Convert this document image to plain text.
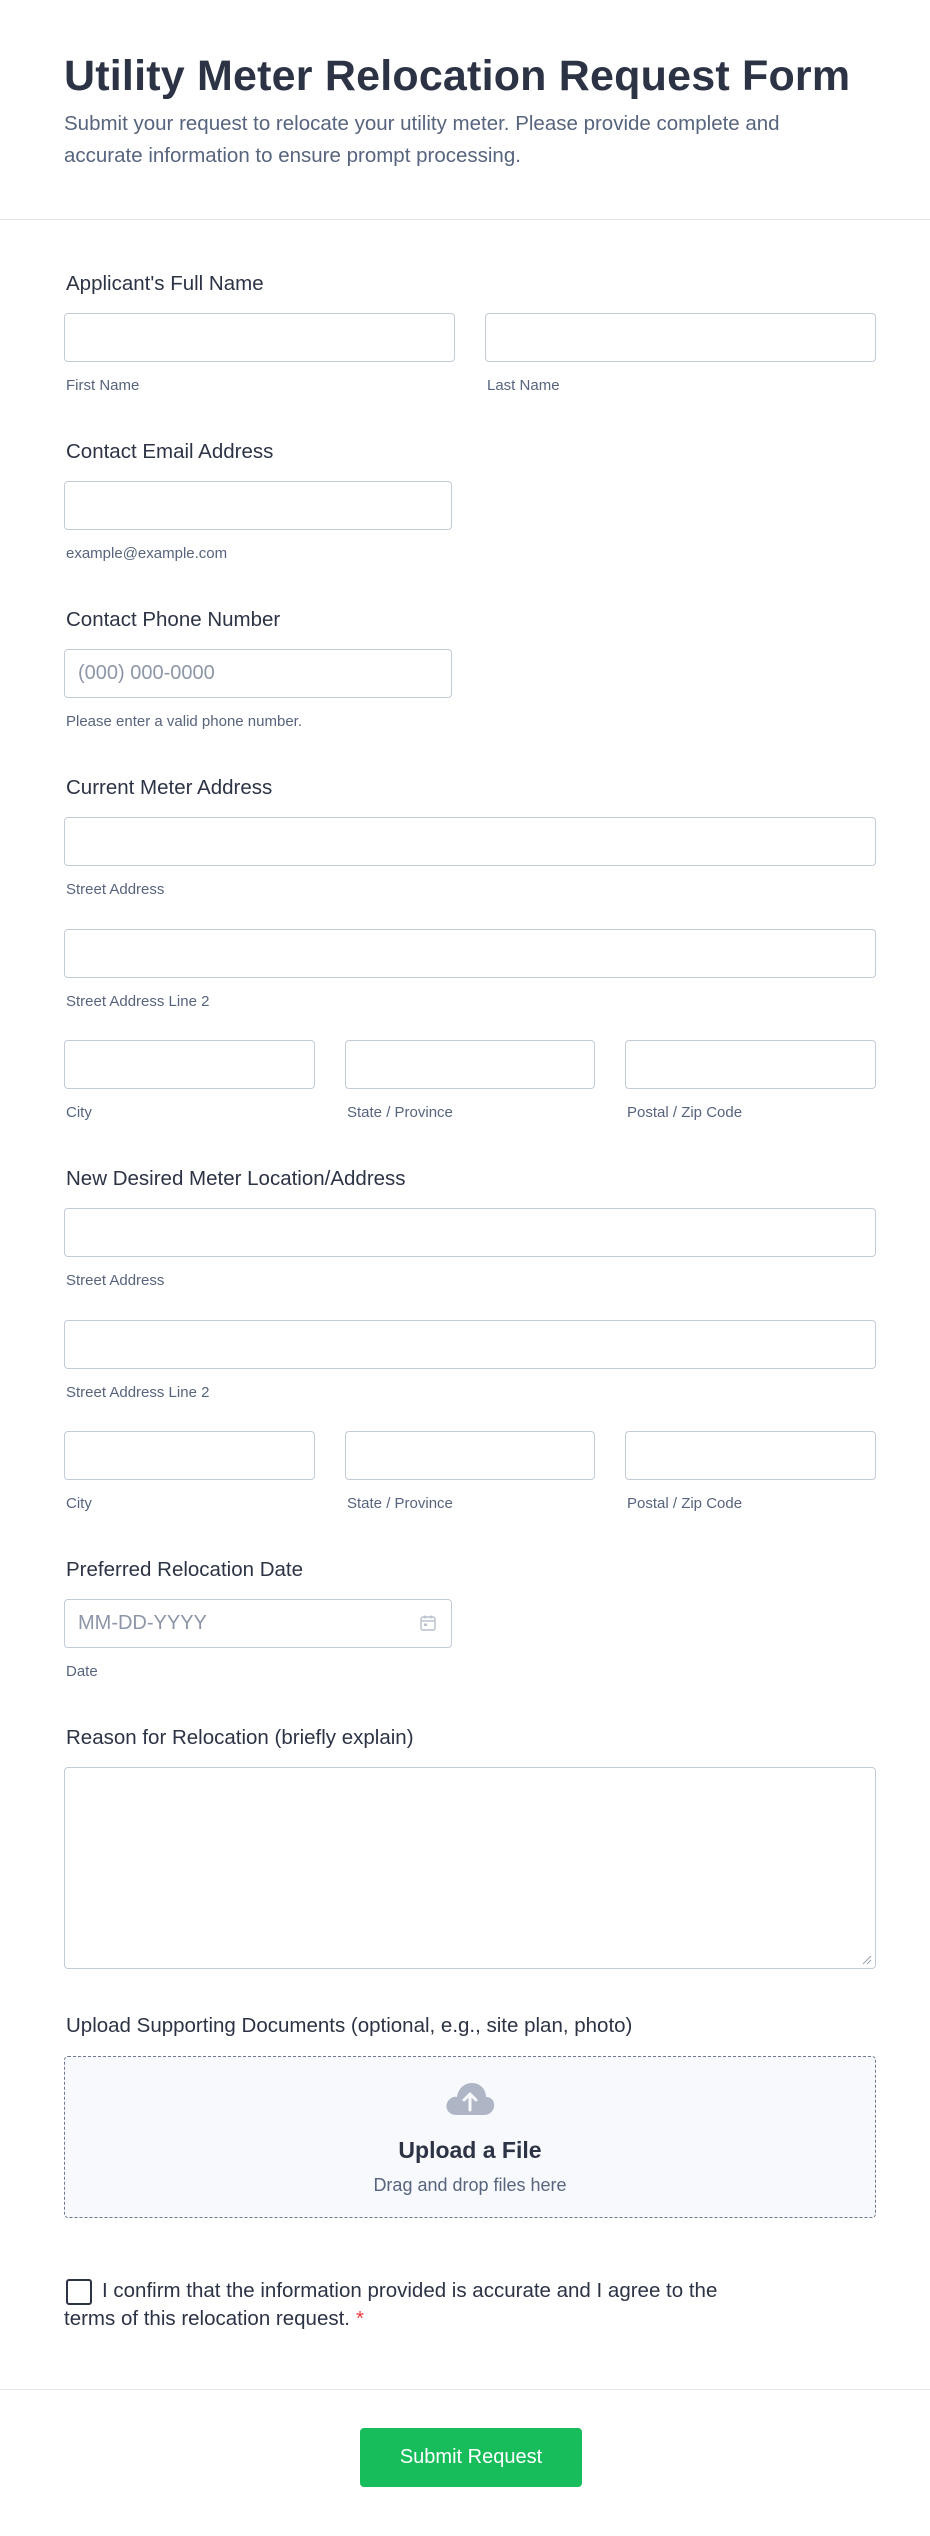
Utility Meter Relocation Request Form
Submit your request to relocate your utility meter. Please provide complete and accurate information to ensure prompt processing.
Applicant's Full Name
First Name	Last Name
Contact Email Address
example@example.com
Contact Phone Number
(000) 000-0000
Please enter a valid phone number.
Current Meter Address
Street Address
Street Address Line 2
City	State / Province	Postal / Zip Code
New Desired Meter Location/Address
Street Address
Street Address Line 2
City	State / Province	Postal / Zip Code
Preferred Relocation Date
MM-DD-YYYY
Date
Reason for Relocation (briefly explain)
Upload Supporting Documents (optional, e.g., site plan, photo)
Upload a File
Drag and drop files here
I confirm that the information provided is accurate and I agree to the terms of this relocation request. *
Submit Request
